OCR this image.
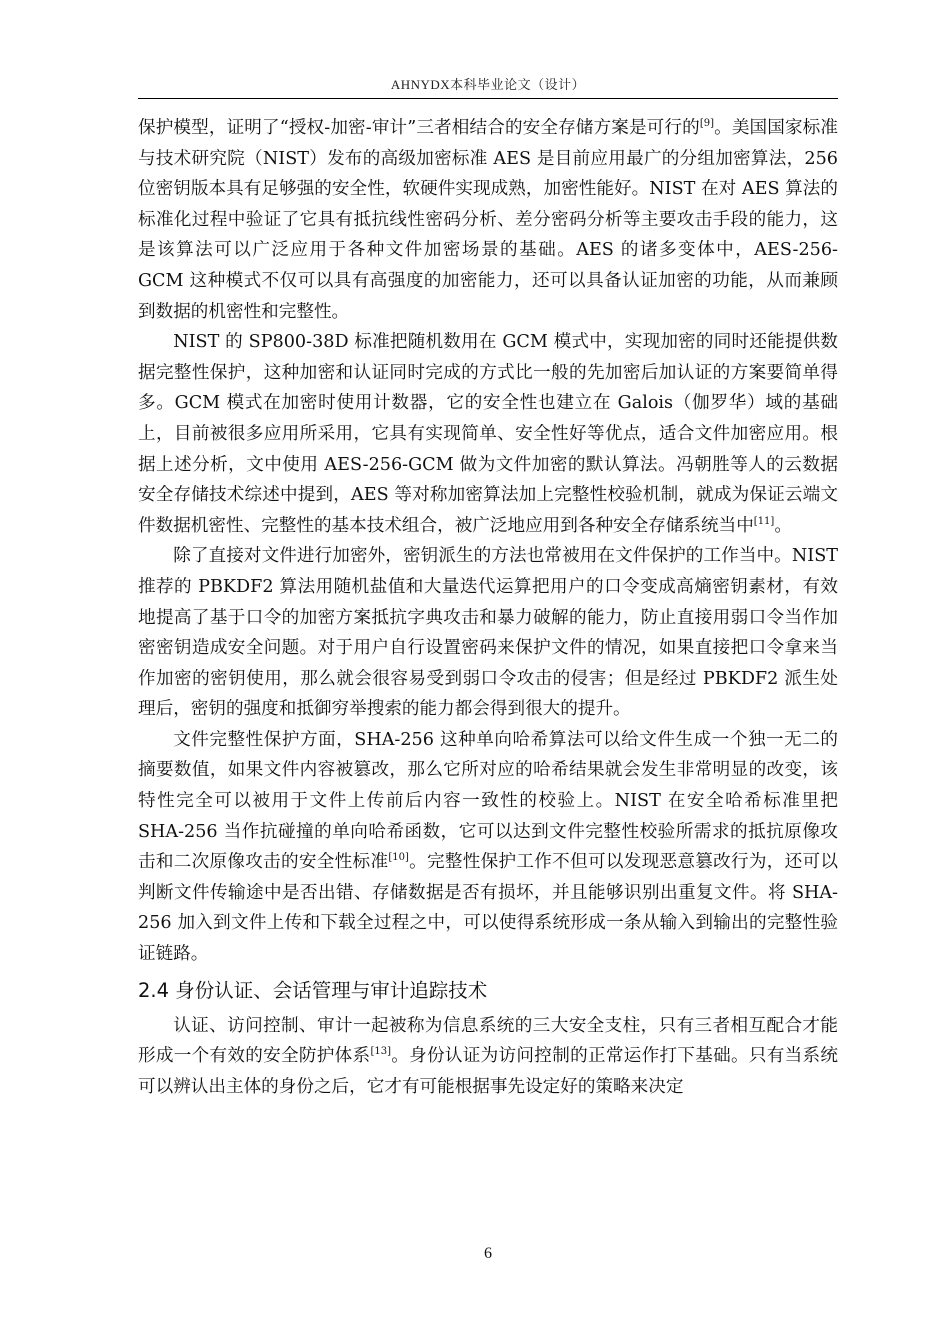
AHNYDX本科毕业论文（设计）

保护模型，证明了“授权-加密-审计”三者相结合的安全存储方案是可行的[9]。美国国家标准与技术研究院（NIST）发布的高级加密标准 AES 是目前应用最广的分组加密算法，256 位密钥版本具有足够强的安全性，软硬件实现成熟，加密性能好。NIST 在对 AES 算法的标准化过程中验证了它具有抵抗线性密码分析、差分密码分析等主要攻击手段的能力，这是该算法可以广泛应用于各种文件加密场景的基础。AES 的诸多变体中，AES-256-GCM 这种模式不仅可以具有高强度的加密能力，还可以具备认证加密的功能，从而兼顾到数据的机密性和完整性。

NIST 的 SP800-38D 标准把随机数用在 GCM 模式中，实现加密的同时还能提供数据完整性保护，这种加密和认证同时完成的方式比一般的先加密后加认证的方案要简单得多。GCM 模式在加密时使用计数器，它的安全性也建立在 Galois（伽罗华）域的基础上，目前被很多应用所采用，它具有实现简单、安全性好等优点，适合文件加密应用。根据上述分析，文中使用 AES-256-GCM 做为文件加密的默认算法。冯朝胜等人的云数据安全存储技术综述中提到，AES 等对称加密算法加上完整性校验机制，就成为保证云端文件数据机密性、完整性的基本技术组合，被广泛地应用到各种安全存储系统当中[11]。

除了直接对文件进行加密外，密钥派生的方法也常被用在文件保护的工作当中。NIST 推荐的 PBKDF2 算法用随机盐值和大量迭代运算把用户的口令变成高熵密钥素材，有效地提高了基于口令的加密方案抵抗字典攻击和暴力破解的能力，防止直接用弱口令当作加密密钥造成安全问题。对于用户自行设置密码来保护文件的情况，如果直接把口令拿来当作加密的密钥使用，那么就会很容易受到弱口令攻击的侵害；但是经过 PBKDF2 派生处理后，密钥的强度和抵御穷举搜索的能力都会得到很大的提升。

文件完整性保护方面，SHA-256 这种单向哈希算法可以给文件生成一个独一无二的摘要数值，如果文件内容被篡改，那么它所对应的哈希结果就会发生非常明显的改变，该特性完全可以被用于文件上传前后内容一致性的校验上。NIST 在安全哈希标准里把 SHA-256 当作抗碰撞的单向哈希函数，它可以达到文件完整性校验所需求的抵抗原像攻击和二次原像攻击的安全性标准[10]。完整性保护工作不但可以发现恶意篡改行为，还可以判断文件传输途中是否出错、存储数据是否有损坏，并且能够识别出重复文件。将 SHA-256 加入到文件上传和下载全过程之中，可以使得系统形成一条从输入到输出的完整性验证链路。

2.4 身份认证、会话管理与审计追踪技术

认证、访问控制、审计一起被称为信息系统的三大安全支柱，只有三者相互配合才能形成一个有效的安全防护体系[13]。身份认证为访问控制的正常运作打下基础。只有当系统可以辨认出主体的身份之后，它才有可能根据事先设定好的策略来决定

6
